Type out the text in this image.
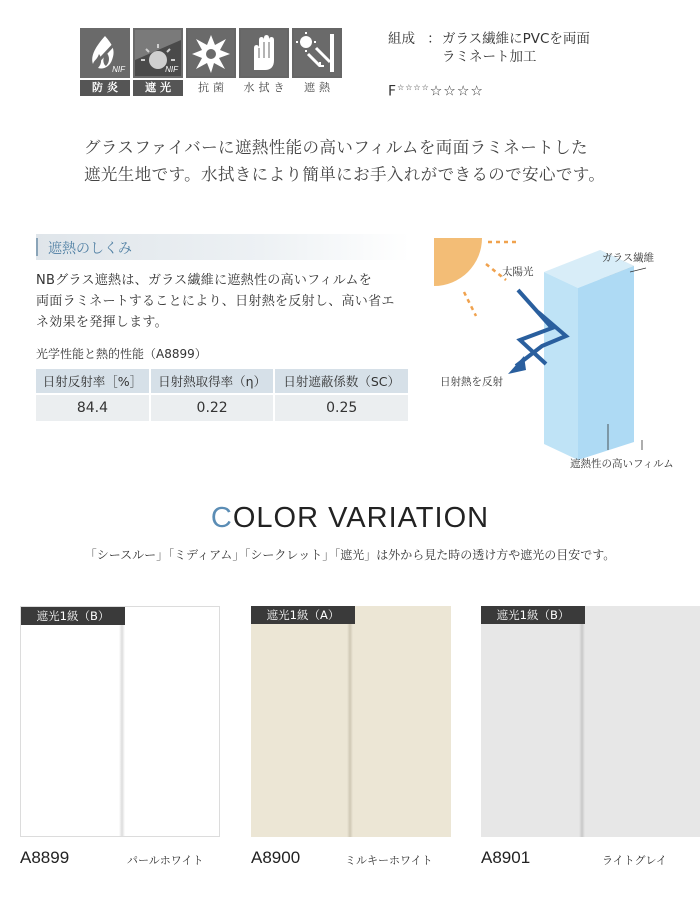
NIF
防炎
NIF
遮光	抗菌	水拭き	遮熱
組成 ： ガラス繊維にPVCを両面
ラミネート加工
F☆☆☆☆☆☆☆☆
グラスファイバーに遮熱性能の高いフィルムを両面ラミネートした
遮光生地です。水拭きにより簡単にお手入れができるので安心です。
遮熱のしくみ
NBグラス遮熱は、ガラス繊維に遮熱性の高いフィルムを
両面ラミネートすることにより、日射熱を反射し、高い省エ
ネ効果を発揮します。
光学性能と熱的性能（A8899）
日射反射率［%］	日射熱取得率（η）	日射遮蔽係数（SC）
84.4	0.22	0.25
太陽光
ガラス繊維
日射熱を反射
遮熱性の高いフィルム
COLOR VARIATION
「シースルー」「ミディアム」「シークレット」「遮光」は外から見た時の透け方や遮光の目安です。
遮光1級（B）	遮光1級（A）	遮光1級（B）
A8899	パールホワイト	A8900	ミルキーホワイト	A8901	ライトグレイ
